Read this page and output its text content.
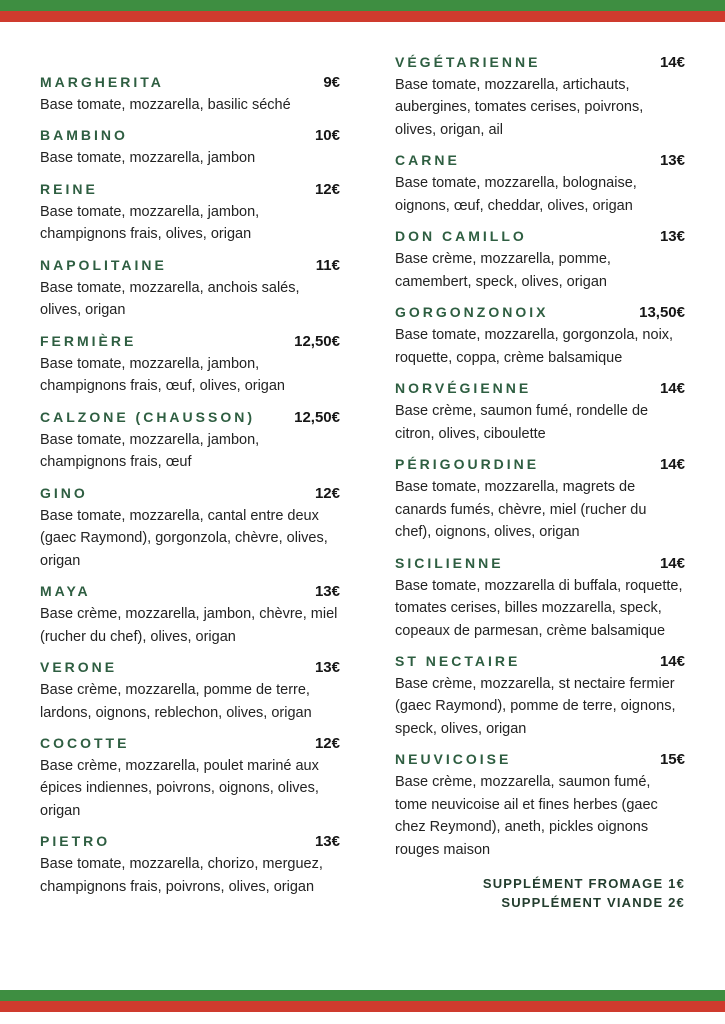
MARGHERITA	9€
Base tomate, mozzarella, basilic séché
BAMBINO	10€
Base tomate, mozzarella, jambon
REINE	12€
Base tomate, mozzarella, jambon, champignons frais, olives, origan
NAPOLITAINE	11€
Base tomate, mozzarella, anchois salés, olives, origan
FERMIÈRE	12,50€
Base tomate, mozzarella, jambon, champignons frais, œuf, olives, origan
CALZONE (CHAUSSON)	12,50€
Base tomate, mozzarella, jambon, champignons frais, œuf
GINO	12€
Base tomate, mozzarella, cantal entre deux (gaec Raymond), gorgonzola, chèvre, olives, origan
MAYA	13€
Base crème, mozzarella, jambon, chèvre, miel (rucher du chef), olives, origan
VERONE	13€
Base crème, mozzarella, pomme de terre, lardons, oignons, reblechon, olives, origan
COCOTTE	12€
Base crème, mozzarella, poulet mariné aux épices indiennes, poivrons, oignons, olives, origan
PIETRO	13€
Base tomate, mozzarella, chorizo, merguez, champignons frais, poivrons, olives, origan
VÉGÉTARIENNE	14€
Base tomate, mozzarella, artichauts, aubergines, tomates cerises, poivrons, olives, origan, ail
CARNE	13€
Base tomate, mozzarella, bolognaise, oignons, œuf, cheddar, olives, origan
DON CAMILLO	13€
Base crème, mozzarella, pomme, camembert, speck, olives, origan
GORGONZONOIX	13,50€
Base tomate, mozzarella, gorgonzola, noix, roquette, coppa, crème balsamique
NORVÉGIENNE	14€
Base crème, saumon fumé, rondelle de citron, olives, ciboulette
PÉRIGOURDINE	14€
Base tomate, mozzarella, magrets de canards fumés, chèvre, miel (rucher du chef), oignons, olives, origan
SICILIENNE	14€
Base tomate, mozzarella di buffala, roquette, tomates cerises, billes mozzarella, speck, copeaux de parmesan, crème balsamique
ST NECTAIRE	14€
Base crème, mozzarella, st nectaire fermier (gaec Raymond), pomme de terre, oignons, speck, olives, origan
NEUVICOISE	15€
Base crème, mozzarella, saumon fumé, tome neuvicoise ail et fines herbes (gaec chez Reymond), aneth, pickles oignons rouges maison
SUPPLÉMENT FROMAGE 1€
SUPPLÉMENT VIANDE 2€
